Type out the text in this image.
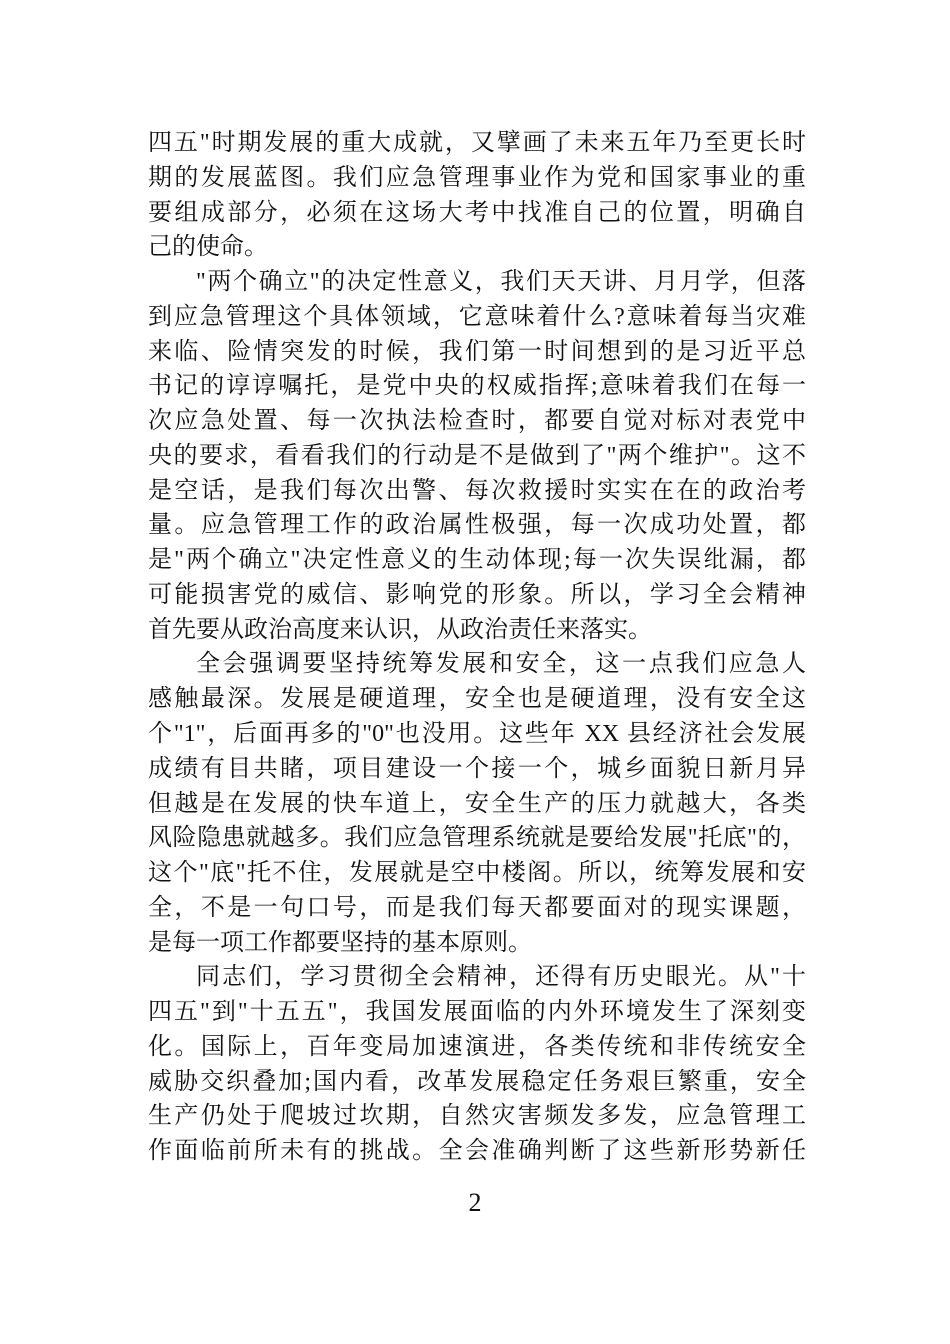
四五"时期发展的重大成就，又擘画了未来五年乃至更长时
期的发展蓝图。我们应急管理事业作为党和国家事业的重
要组成部分，必须在这场大考中找准自己的位置，明确自
己的使命。
"两个确立"的决定性意义，我们天天讲、月月学，但落
到应急管理这个具体领域，它意味着什么?意味着每当灾难
来临、险情突发的时候，我们第一时间想到的是习近平总
书记的谆谆嘱托，是党中央的权威指挥;意味着我们在每一
次应急处置、每一次执法检查时，都要自觉对标对表党中
央的要求，看看我们的行动是不是做到了"两个维护"。这不
是空话，是我们每次出警、每次救援时实实在在的政治考
量。应急管理工作的政治属性极强，每一次成功处置，都
是"两个确立"决定性意义的生动体现;每一次失误纰漏，都
可能损害党的威信、影响党的形象。所以，学习全会精神
首先要从政治高度来认识，从政治责任来落实。
全会强调要坚持统筹发展和安全，这一点我们应急人
感触最深。发展是硬道理，安全也是硬道理，没有安全这
个"1"，后面再多的"0"也没用。这些年 XX 县经济社会发展
成绩有目共睹，项目建设一个接一个，城乡面貌日新月异
但越是在发展的快车道上，安全生产的压力就越大，各类
风险隐患就越多。我们应急管理系统就是要给发展"托底"的，
这个"底"托不住，发展就是空中楼阁。所以，统筹发展和安
全，不是一句口号，而是我们每天都要面对的现实课题，
是每一项工作都要坚持的基本原则。
同志们，学习贯彻全会精神，还得有历史眼光。从"十
四五"到"十五五"，我国发展面临的内外环境发生了深刻变
化。国际上，百年变局加速演进，各类传统和非传统安全
威胁交织叠加;国内看，改革发展稳定任务艰巨繁重，安全
生产仍处于爬坡过坎期，自然灾害频发多发，应急管理工
作面临前所未有的挑战。全会准确判断了这些新形势新任
2
